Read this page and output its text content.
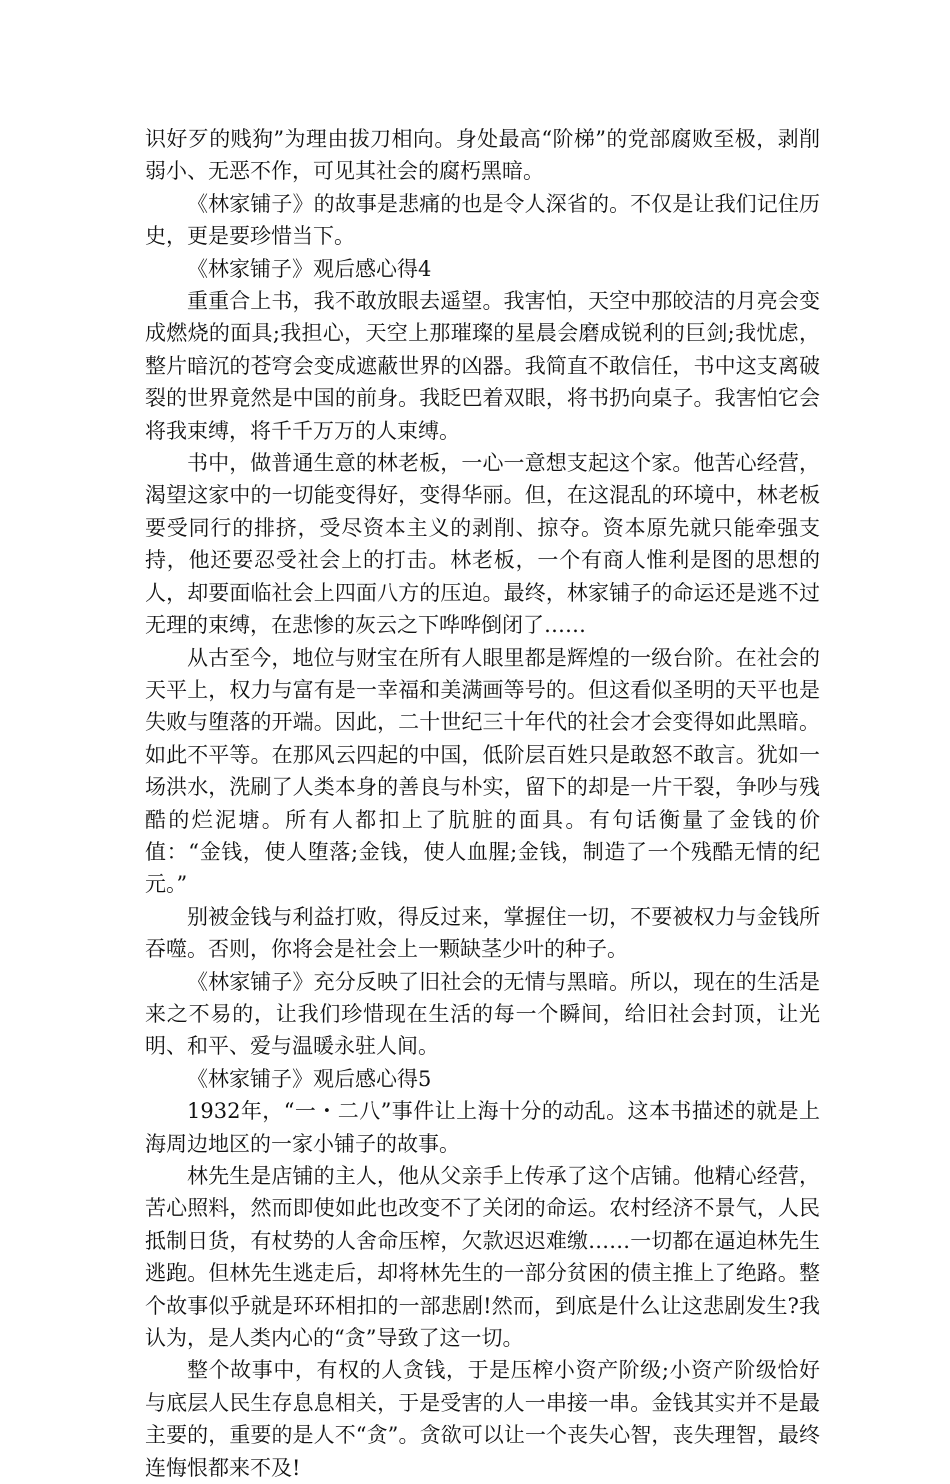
识好歹的贱狗”为理由拔刀相向。身处最高“阶梯”的党部腐败至极，剥削弱小、无恶不作，可见其社会的腐朽黑暗。

《林家铺子》的故事是悲痛的也是令人深省的。不仅是让我们记住历史，更是要珍惜当下。

《林家铺子》观后感心得4

重重合上书，我不敢放眼去遥望。我害怕，天空中那皎洁的月亮会变成燃烧的面具;我担心，天空上那璀璨的星晨会磨成锐利的巨剑;我忧虑，整片暗沉的苍穹会变成遮蔽世界的凶器。我简直不敢信任，书中这支离破裂的世界竟然是中国的前身。我眨巴着双眼，将书扔向桌子。我害怕它会将我束缚，将千千万万的人束缚。

书中，做普通生意的林老板，一心一意想支起这个家。他苦心经营，渴望这家中的一切能变得好，变得华丽。但，在这混乱的环境中，林老板要受同行的排挤，受尽资本主义的剥削、掠夺。资本原先就只能牵强支持，他还要忍受社会上的打击。林老板，一个有商人惟利是图的思想的人，却要面临社会上四面八方的压迫。最终，林家铺子的命运还是逃不过无理的束缚，在悲惨的灰云之下哗哗倒闭了……

从古至今，地位与财宝在所有人眼里都是辉煌的一级台阶。在社会的天平上，权力与富有是一幸福和美满画等号的。但这看似圣明的天平也是失败与堕落的开端。因此，二十世纪三十年代的社会才会变得如此黑暗。如此不平等。在那风云四起的中国，低阶层百姓只是敢怒不敢言。犹如一场洪水，洗刷了人类本身的善良与朴实，留下的却是一片干裂，争吵与残酷的烂泥塘。所有人都扣上了肮脏的面具。有句话衡量了金钱的价值：“金钱，使人堕落;金钱，使人血腥;金钱，制造了一个残酷无情的纪元。”

别被金钱与利益打败，得反过来，掌握住一切，不要被权力与金钱所吞噬。否则，你将会是社会上一颗缺茎少叶的种子。

《林家铺子》充分反映了旧社会的无情与黑暗。所以，现在的生活是来之不易的，让我们珍惜现在生活的每一个瞬间，给旧社会封顶，让光明、和平、爱与温暖永驻人间。

《林家铺子》观后感心得5

1932年，“一・二八”事件让上海十分的动乱。这本书描述的就是上海周边地区的一家小铺子的故事。

林先生是店铺的主人，他从父亲手上传承了这个店铺。他精心经营，苦心照料，然而即使如此也改变不了关闭的命运。农村经济不景气，人民抵制日货，有杖势的人舍命压榨，欠款迟迟难缴……一切都在逼迫林先生逃跑。但林先生逃走后，却将林先生的一部分贫困的债主推上了绝路。整个故事似乎就是环环相扣的一部悲剧!然而，到底是什么让这悲剧发生?我认为，是人类内心的“贪”导致了这一切。

整个故事中，有权的人贪钱，于是压榨小资产阶级;小资产阶级恰好与底层人民生存息息相关，于是受害的人一串接一串。金钱其实并不是最主要的，重要的是人不“贪”。贪欲可以让一个丧失心智，丧失理智，最终连悔恨都来不及!
